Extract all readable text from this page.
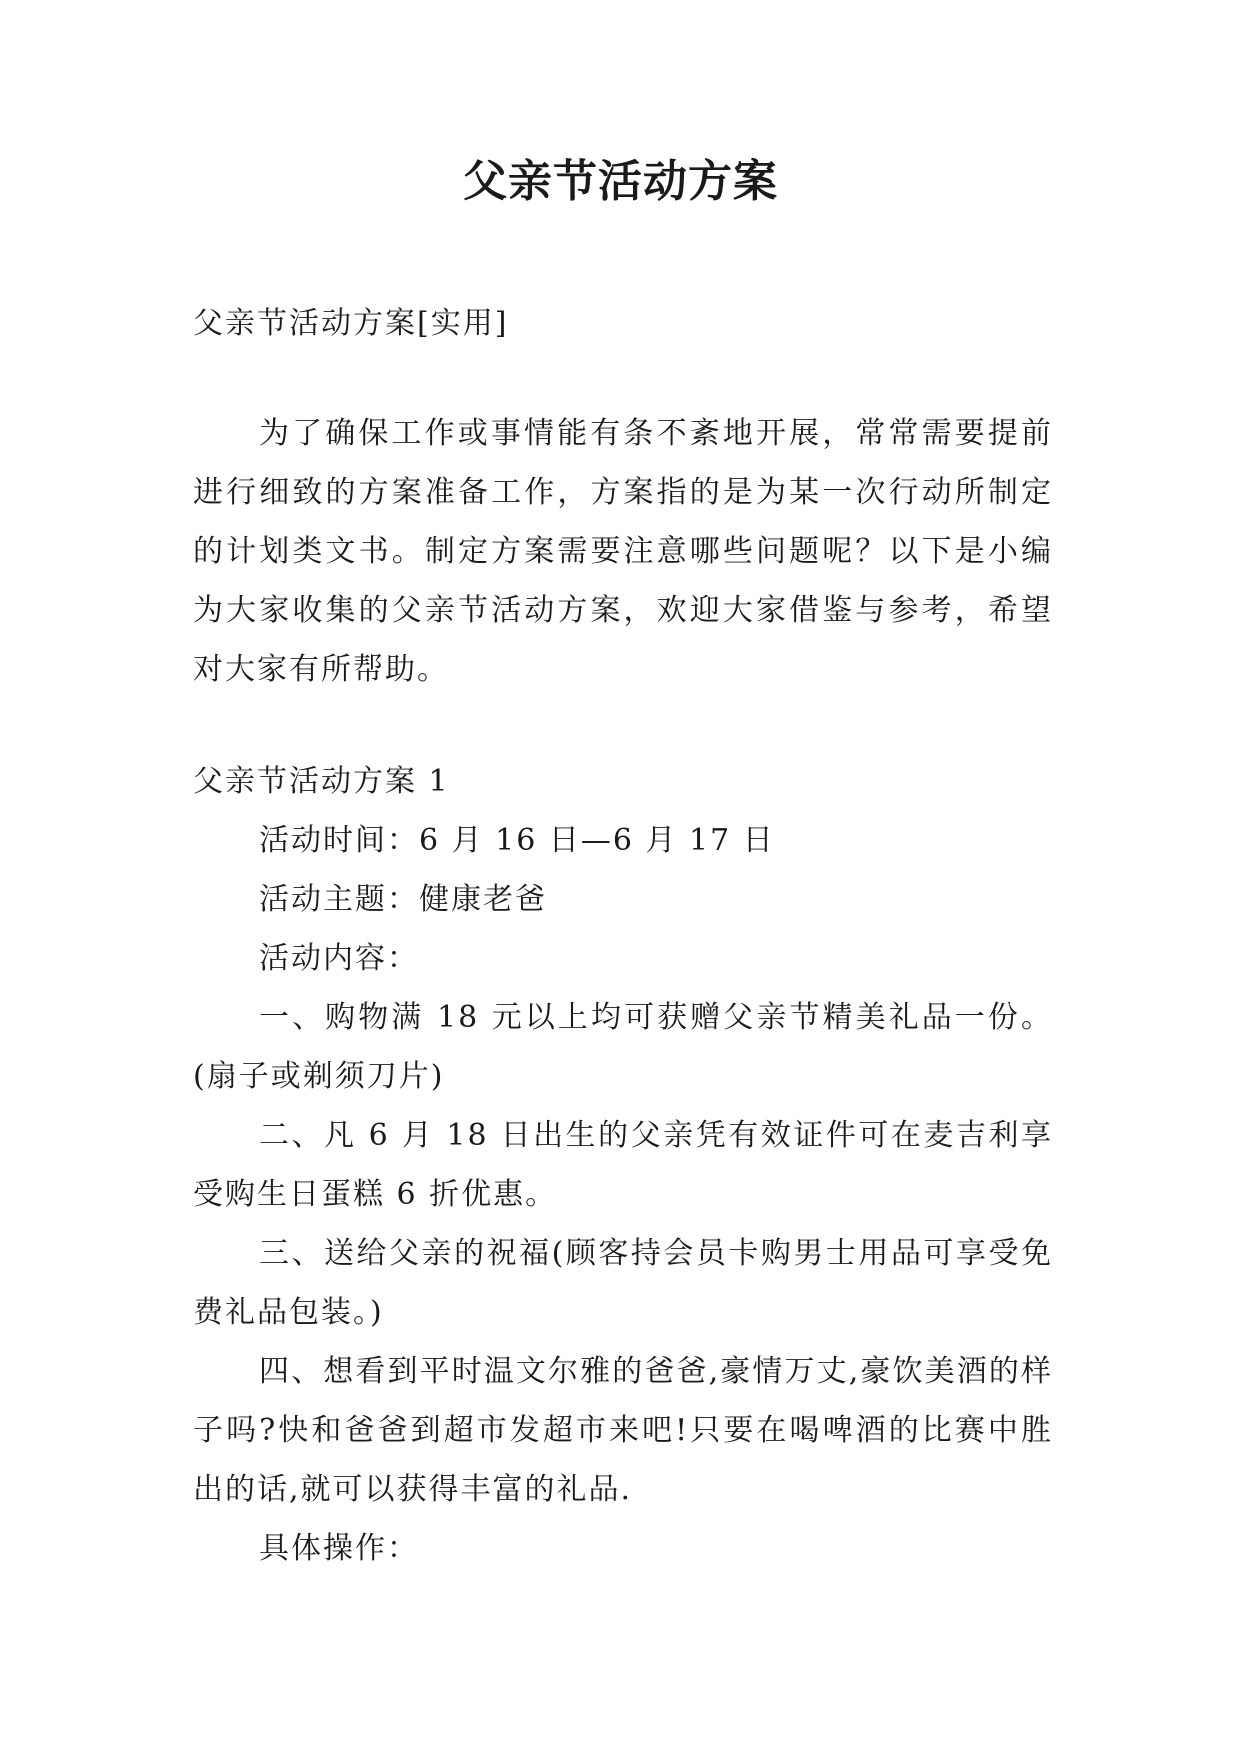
父亲节活动方案

父亲节活动方案[实用]

为了确保工作或事情能有条不紊地开展，常常需要提前进行细致的方案准备工作，方案指的是为某一次行动所制定的计划类文书。制定方案需要注意哪些问题呢？以下是小编为大家收集的父亲节活动方案，欢迎大家借鉴与参考，希望对大家有所帮助。

父亲节活动方案 1

活动时间：6 月 16 日—6 月 17 日

活动主题：健康老爸

活动内容：

一、购物满 18 元以上均可获赠父亲节精美礼品一份。(扇子或剃须刀片)

二、凡 6 月 18 日出生的父亲凭有效证件可在麦吉利享受购生日蛋糕 6 折优惠。

三、送给父亲的祝福(顾客持会员卡购男士用品可享受免费礼品包装。)

四、想看到平时温文尔雅的爸爸,豪情万丈,豪饮美酒的样子吗?快和爸爸到超市发超市来吧!只要在喝啤酒的比赛中胜出的话,就可以获得丰富的礼品.

具体操作：
